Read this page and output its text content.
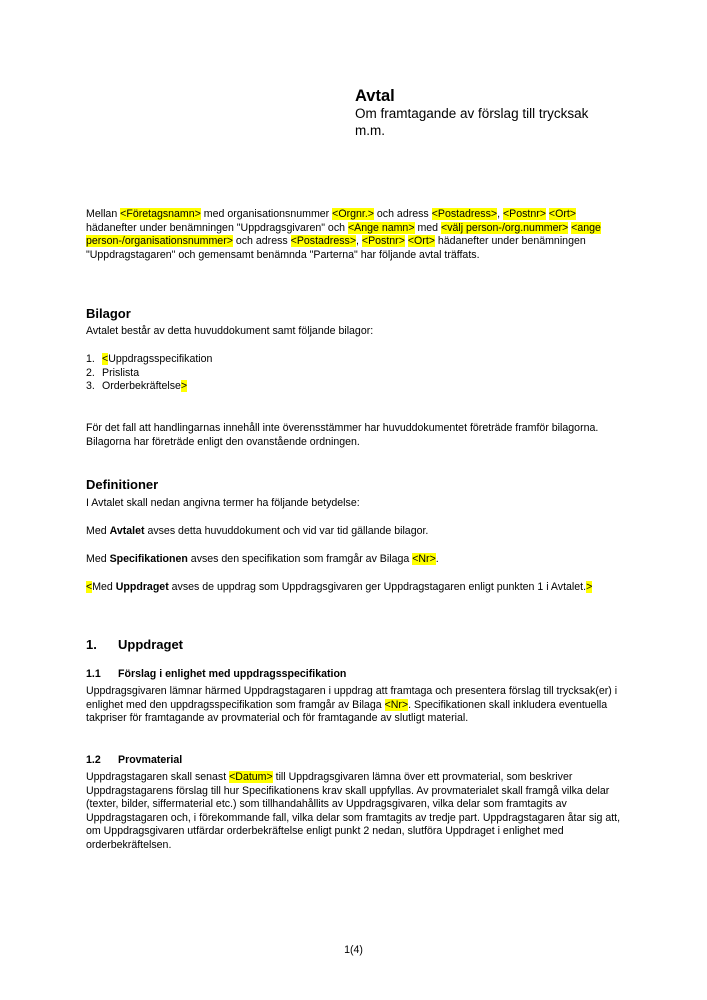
Avtal

Om framtagande av förslag till trycksak
m.m.

Mellan <Företagsnamn> med organisationsnummer <Orgnr.> och adress <Postadress>, <Postnr> <Ort> hädanefter under benämningen "Uppdragsgivaren" och <Ange namn> med <välj person-/org.nummer> <ange person-/organisationsnummer> och adress <Postadress>, <Postnr> <Ort> hädanefter under benämningen "Uppdragstagaren" och gemensamt benämnda "Parterna" har följande avtal träffats.

Bilagor

Avtalet består av detta huvuddokument samt följande bilagor:

1. <Uppdragsspecifikation
2. Prislista
3. Orderbekräftelse>

För det fall att handlingarnas innehåll inte överensstämmer har huvuddokumentet företräde framför bilagorna. Bilagorna har företräde enligt den ovanstående ordningen.

Definitioner

I Avtalet skall nedan angivna termer ha följande betydelse:

Med Avtalet avses detta huvuddokument och vid var tid gällande bilagor.

Med Specifikationen avses den specifikation som framgår av Bilaga <Nr>.

<Med Uppdraget avses de uppdrag som Uppdragsgivaren ger Uppdragstagaren enligt punkten 1 i Avtalet.>

1. Uppdraget
1.1 Förslag i enlighet med uppdragsspecifikation

Uppdragsgivaren lämnar härmed Uppdragstagaren i uppdrag att framtaga och presentera förslag till trycksak(er) i enlighet med den uppdragsspecifikation som framgår av Bilaga <Nr>. Specifikationen skall inkludera eventuella takpriser för framtagande av provmaterial och för framtagande av slutligt material.

1.2 Provmaterial

Uppdragstagaren skall senast <Datum> till Uppdragsgivaren lämna över ett provmaterial, som beskriver Uppdragstagarens förslag till hur Specifikationens krav skall uppfyllas. Av provmaterialet skall framgå vilka delar (texter, bilder, siffermaterial etc.) som tillhandahållits av Uppdragsgivaren, vilka delar som framtagits av Uppdragstagaren och, i förekommande fall, vilka delar som framtagits av tredje part. Uppdragstagaren åtar sig att, om Uppdragsgivaren utfärdar orderbekräftelse enligt punkt 2 nedan, slutföra Uppdraget i enlighet med orderbekräftelsen.

1(4)
